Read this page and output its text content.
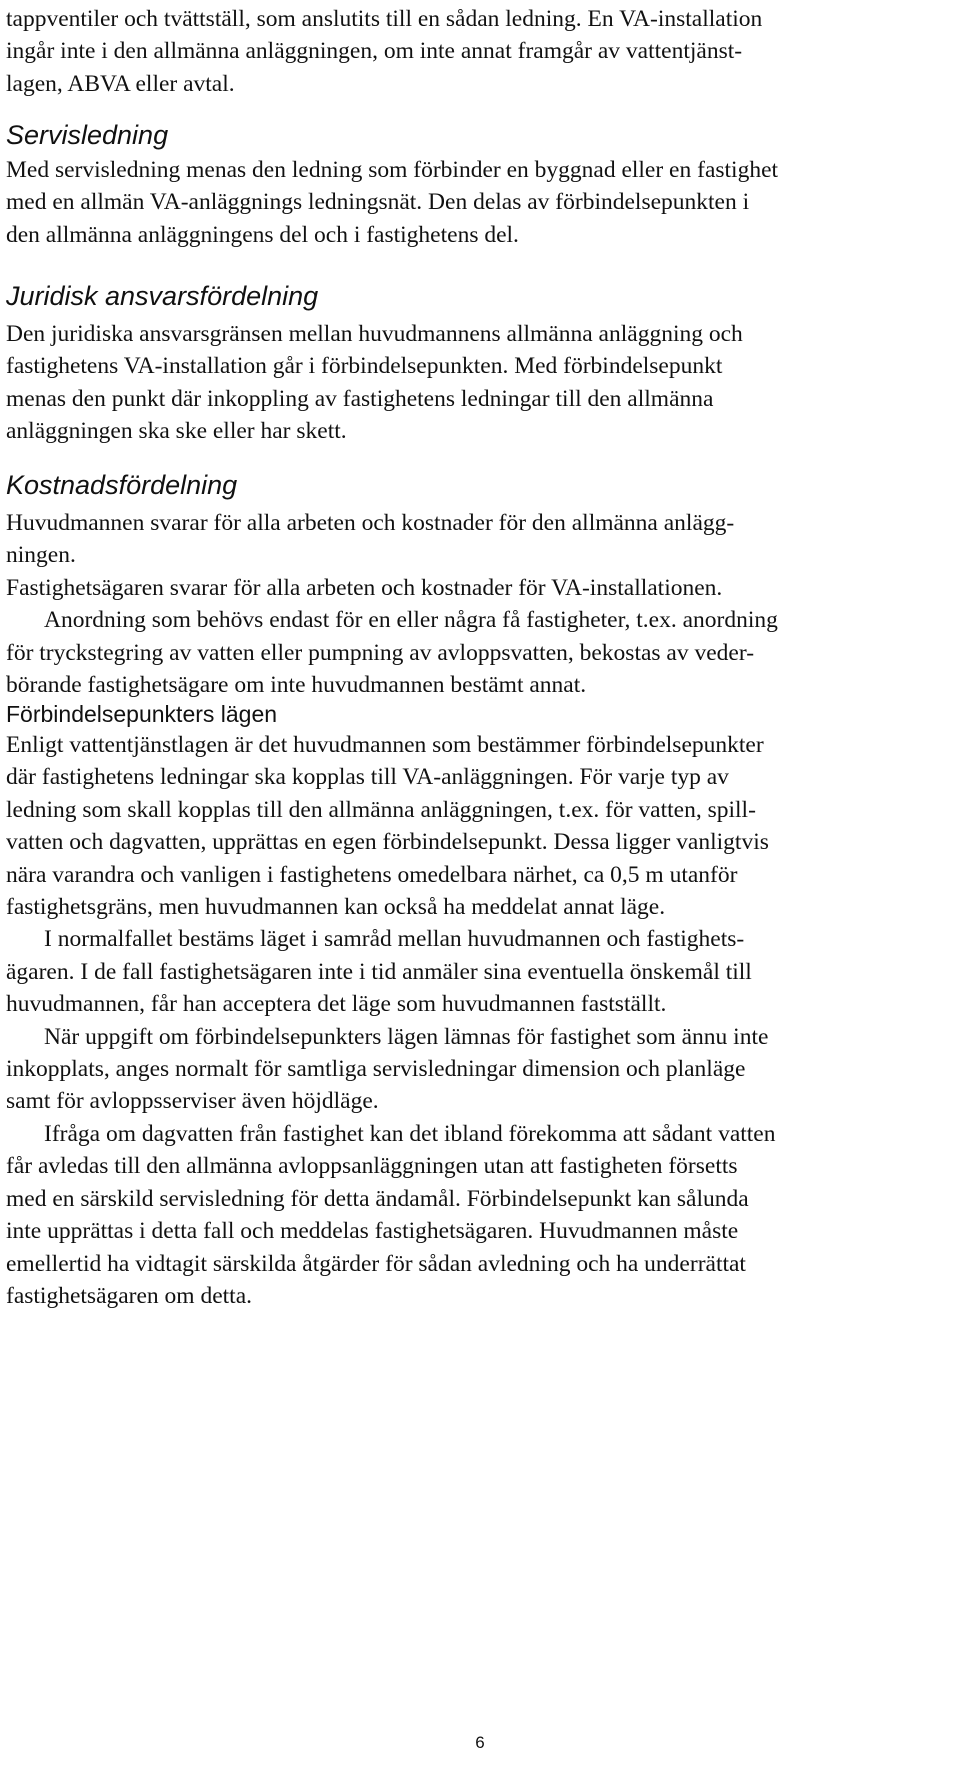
tappventiler och tvättställ, som anslutits till en sådan ledning. En VA-installation
ingår inte i den allmänna anläggningen, om inte annat framgår av vattentjänst-
lagen, ABVA eller avtal.
Servisledning
Med servisledning menas den ledning som förbinder en byggnad eller en fastighet
med en allmän VA-anläggnings ledningsnät. Den delas av förbindelsepunkten i
den allmänna anläggningens del och i fastighetens del.
Juridisk ansvarsfördelning
Den juridiska ansvarsgränsen mellan huvudmannens allmänna anläggning och
fastighetens VA-installation går i förbindelsepunkten. Med förbindelsepunkt
menas den punkt där inkoppling av fastighetens ledningar till den allmänna
anläggningen ska ske eller har skett.
Kostnadsfördelning
Huvudmannen svarar för alla arbeten och kostnader för den allmänna anlägg-
ningen.
Fastighetsägaren svarar för alla arbeten och kostnader för VA-installationen.
Anordning som behövs endast för en eller några få fastigheter, t.ex. anordning
för tryckstegring av vatten eller pumpning av avloppsvatten, bekostas av veder-
börande fastighetsägare om inte huvudmannen bestämt annat.
Förbindelsepunkters lägen
Enligt vattentjänstlagen är det huvudmannen som bestämmer förbindelsepunkter
där fastighetens ledningar ska kopplas till VA-anläggningen. För varje typ av
ledning som skall kopplas till den allmänna anläggningen, t.ex. för vatten, spill-
vatten och dagvatten, upprättas en egen förbindelsepunkt. Dessa ligger vanligtvis
nära varandra och vanligen i fastighetens omedelbara närhet, ca 0,5 m utanför
fastighetsgräns, men huvudmannen kan också ha meddelat annat läge.
I normalfallet bestäms läget i samråd mellan huvudmannen och fastighets-
ägaren. I de fall fastighetsägaren inte i tid anmäler sina eventuella önskemål till
huvudmannen, får han acceptera det läge som huvudmannen fastställt.
När uppgift om förbindelsepunkters lägen lämnas för fastighet som ännu inte
inkopplats, anges normalt för samtliga servisledningar dimension och planläge
samt för avloppsserviser även höjdläge.
Ifråga om dagvatten från fastighet kan det ibland förekomma att sådant vatten
får avledas till den allmänna avloppsanläggningen utan att fastigheten försetts
med en särskild servisledning för detta ändamål. Förbindelsepunkt kan sålunda
inte upprättas i detta fall och meddelas fastighetsägaren. Huvudmannen måste
emellertid ha vidtagit särskilda åtgärder för sådan avledning och ha underrättat
fastighetsägaren om detta.
6
